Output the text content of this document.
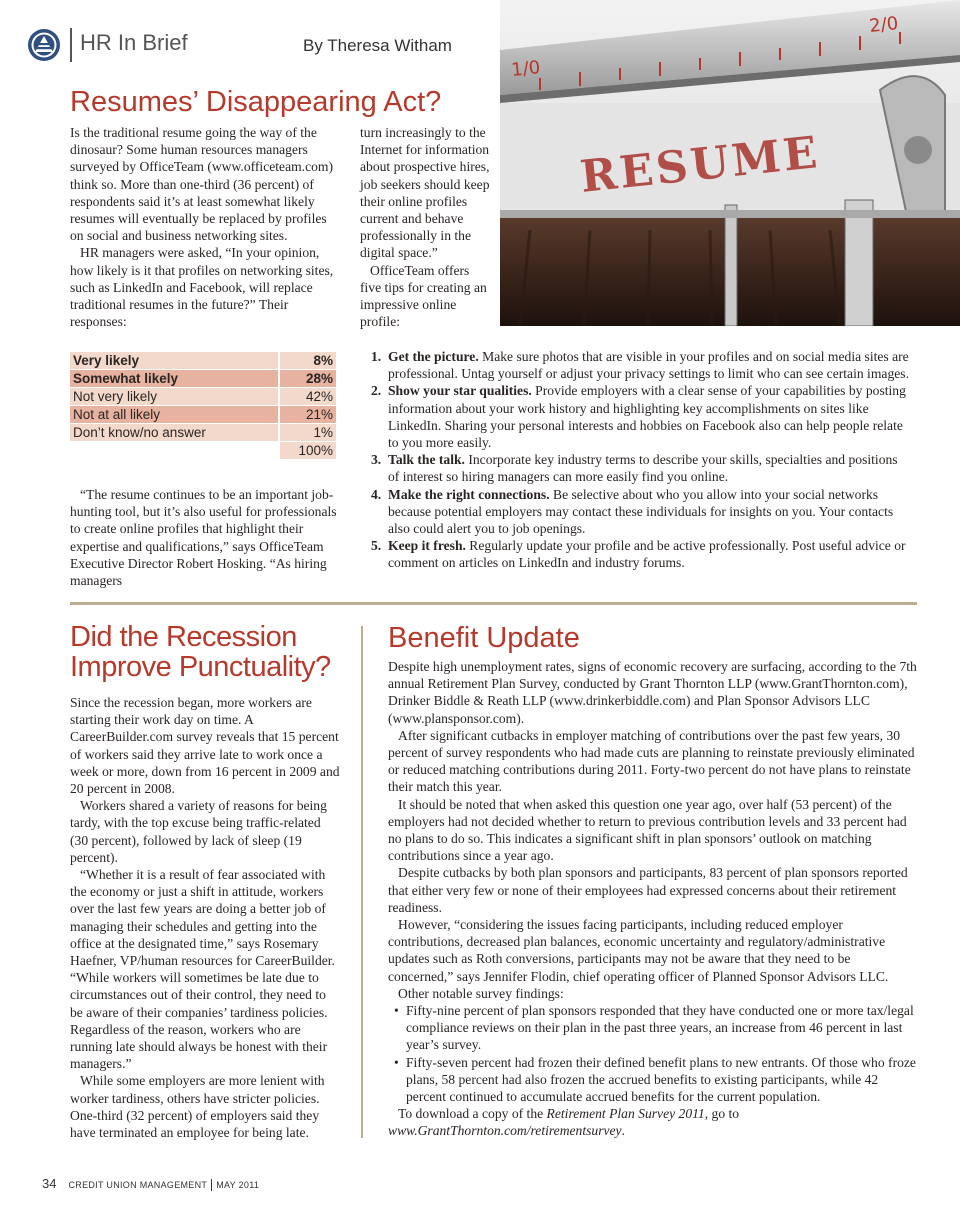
HR In Brief	By Theresa Witham
1/0
2/0
RESUME
Resumes’ Disappearing Act?

Is the traditional resume going the way of the dinosaur? Some human resources managers surveyed by OfficeTeam (www.officeteam.com) think so. More than one-third (36 percent) of respondents said it’s at least somewhat likely resumes will eventually be replaced by profiles on social and business networking sites.

HR managers were asked, “In your opinion, how likely is it that profiles on networking sites, such as LinkedIn and Facebook, will replace traditional resumes in the future?” Their responses:

Very likely	8%
Somewhat likely	28%
Not very likely	42%
Not at all likely	21%
Don’t know/no answer	1%
	100%

“The resume continues to be an important job-hunting tool, but it’s also useful for professionals to create online profiles that highlight their expertise and qualifications,” says OfficeTeam Executive Director Robert Hosking. “As hiring managers

turn increasingly to the Internet for information about prospective hires, job seekers should keep their online profiles current and behave professionally in the digital space.”

OfficeTeam offers five tips for creating an impressive online profile:

1. Get the picture. Make sure photos that are visible in your profiles and on social media sites are professional. Untag yourself or adjust your privacy settings to limit who can see certain images.
2. Show your star qualities. Provide employers with a clear sense of your capabilities by posting information about your work history and highlighting key accomplishments on sites like LinkedIn. Sharing your personal interests and hobbies on Facebook also can help people relate to you more easily.
3. Talk the talk. Incorporate key industry terms to describe your skills, specialties and positions of interest so hiring managers can more easily find you online.
4. Make the right connections. Be selective about who you allow into your social networks because potential employers may contact these individuals for insights on you. Your contacts also could alert you to job openings.
5. Keep it fresh. Regularly update your profile and be active professionally. Post useful advice or comment on articles on LinkedIn and industry forums.
Did the Recession Improve Punctuality?

Since the recession began, more workers are starting their work day on time. A CareerBuilder.com survey reveals that 15 percent of workers said they arrive late to work once a week or more, down from 16 percent in 2009 and 20 percent in 2008.

Workers shared a variety of reasons for being tardy, with the top excuse being traffic-related (30 percent), followed by lack of sleep (19 percent).

“Whether it is a result of fear associated with the economy or just a shift in attitude, workers over the last few years are doing a better job of managing their schedules and getting into the office at the designated time,” says Rosemary Haefner, VP/human resources for CareerBuilder. “While workers will sometimes be late due to circumstances out of their control, they need to be aware of their companies’ tardiness policies. Regardless of the reason, workers who are running late should always be honest with their managers.”

While some employers are more lenient with worker tardiness, others have stricter policies. One-third (32 percent) of employers said they have terminated an employee for being late.

Benefit Update

Despite high unemployment rates, signs of economic recovery are surfacing, according to the 7th annual Retirement Plan Survey, conducted by Grant Thornton LLP (www.GrantThornton.com), Drinker Biddle & Reath LLP (www.drinkerbiddle.com) and Plan Sponsor Advisors LLC (www.plansponsor.com).

After significant cutbacks in employer matching of contributions over the past few years, 30 percent of survey respondents who had made cuts are planning to reinstate previously eliminated or reduced matching contributions during 2011. Forty-two percent do not have plans to reinstate their match this year.

It should be noted that when asked this question one year ago, over half (53 percent) of the employers had not decided whether to return to previous contribution levels and 33 percent had no plans to do so. This indicates a significant shift in plan sponsors’ outlook on matching contributions since a year ago.

Despite cutbacks by both plan sponsors and participants, 83 percent of plan sponsors reported that either very few or none of their employees had expressed concerns about their retirement readiness.

However, “considering the issues facing participants, including reduced employer contributions, decreased plan balances, economic uncertainty and regulatory/administrative updates such as Roth conversions, participants may not be aware that they need to be concerned,” says Jennifer Flodin, chief operating officer of Planned Sponsor Advisors LLC.

Other notable survey findings:

• Fifty-nine percent of plan sponsors responded that they have conducted one or more tax/legal compliance reviews on their plan in the past three years, an increase from 46 percent in last year’s survey.
• Fifty-seven percent had frozen their defined benefit plans to new entrants. Of those who froze plans, 58 percent had also frozen the accrued benefits to existing participants, while 42 percent continued to accumulate accrued benefits for the current population.

To download a copy of the Retirement Plan Survey 2011, go to www.GrantThornton.com/retirementsurvey.

34 CREDIT UNION MANAGEMENT MAY 2011
